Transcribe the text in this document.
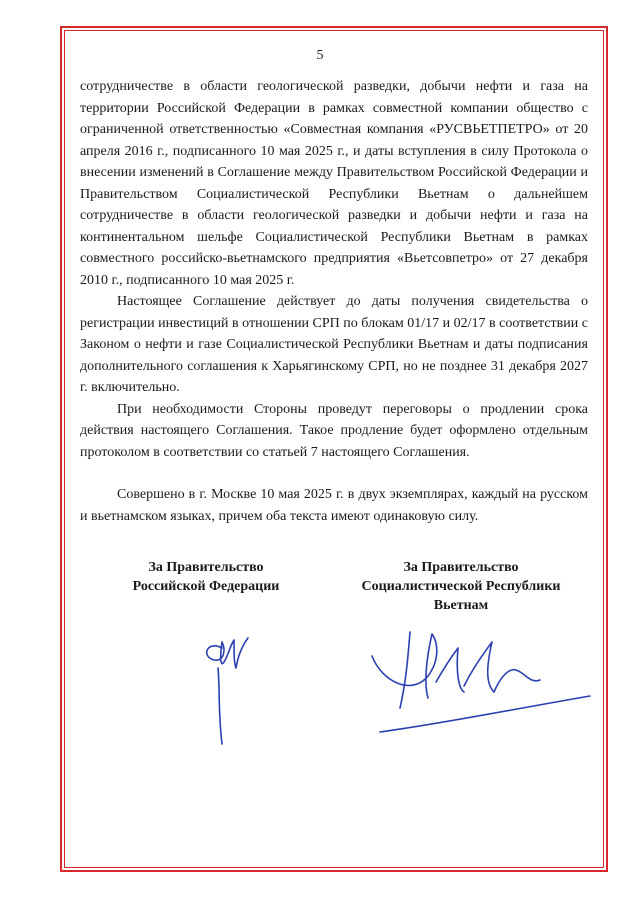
5

сотрудничестве в области геологической разведки, добычи нефти и газа на территории Российской Федерации в рамках совместной компании общество с ограниченной ответственностью «Совместная компания «РУСВЬЕТПЕТРО» от 20 апреля 2016 г., подписанного 10 мая 2025 г., и даты вступления в силу Протокола о внесении изменений в Соглашение между Правительством Российской Федерации и Правительством Социалистической Республики Вьетнам о дальнейшем сотрудничестве в области геологической разведки и добычи нефти и газа на континентальном шельфе Социалистической Республики Вьетнам в рамках совместного российско-вьетнамского предприятия «Вьетсовпетро» от 27 декабря 2010 г., подписанного 10 мая 2025 г.

Настоящее Соглашение действует до даты получения свидетельства о регистрации инвестиций в отношении СРП по блокам 01/17 и 02/17 в соответствии с Законом о нефти и газе Социалистической Республики Вьетнам и даты подписания дополнительного соглашения к Харьягинскому СРП, но не позднее 31 декабря 2027 г. включительно.

При необходимости Стороны проведут переговоры о продлении срока действия настоящего Соглашения. Такое продление будет оформлено отдельным протоколом в соответствии со статьей 7 настоящего Соглашения.

Совершено в г. Москве 10 мая 2025 г. в двух экземплярах, каждый на русском и вьетнамском языках, причем оба текста имеют одинаковую силу.

За Правительство
Российской Федерации
За Правительство
Социалистической Республики
Вьетнам
